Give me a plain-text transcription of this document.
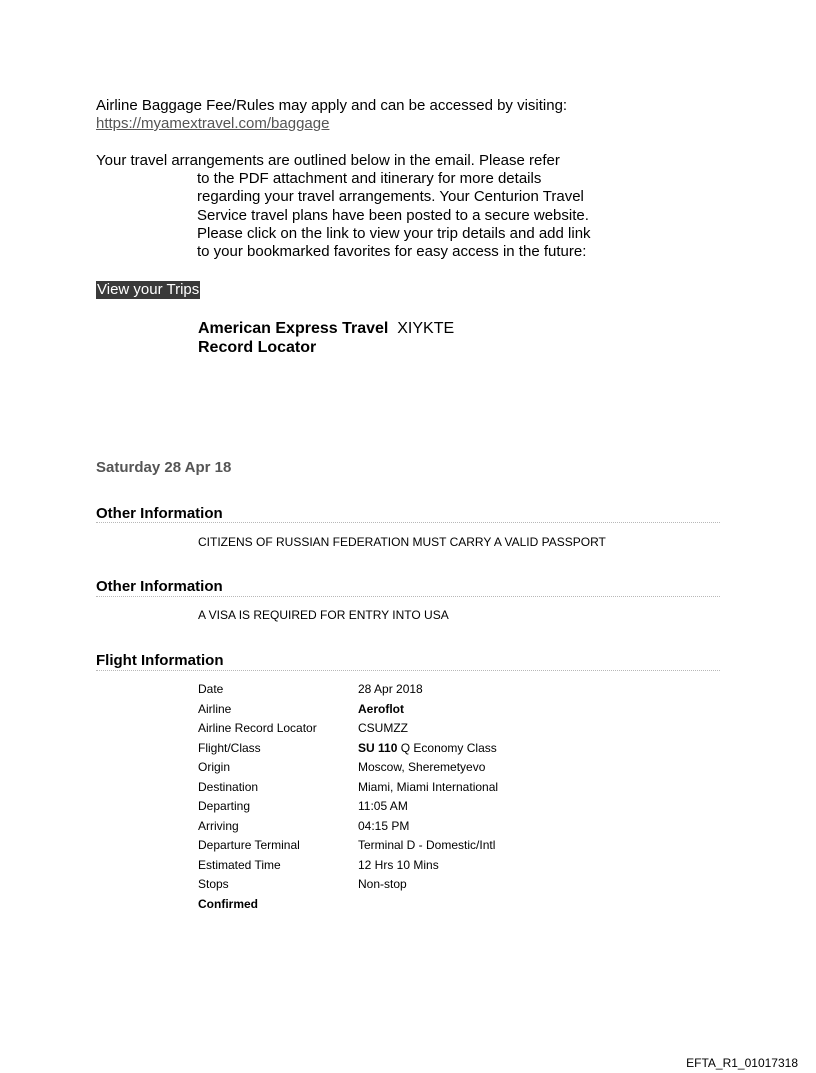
Airline Baggage Fee/Rules may apply and can be accessed by visiting:
https://myamextravel.com/baggage
Your travel arrangements are outlined below in the email. Please refer
to the PDF attachment and itinerary for more details
regarding your travel arrangements. Your Centurion Travel
Service travel plans have been posted to a secure website.
Please click on the link to view your trip details and add link
to your bookmarked favorites for easy access in the future:
View your Trips
American Express Travel XIYKTE
Record Locator
Saturday 28 Apr 18
Other Information
CITIZENS OF RUSSIAN FEDERATION MUST CARRY A VALID PASSPORT
Other Information
A VISA IS REQUIRED FOR ENTRY INTO USA
Flight Information
Date	28 Apr 2018
Airline	Aeroflot
Airline Record Locator	CSUMZZ
Flight/Class	SU 110 Q Economy Class
Origin	Moscow, Sheremetyevo
Destination	Miami, Miami International
Departing	11:05 AM
Arriving	04:15 PM
Departure Terminal	Terminal D - Domestic/Intl
Estimated Time	12 Hrs 10 Mins
Stops	Non-stop
Confirmed	
EFTA_R1_01017318
